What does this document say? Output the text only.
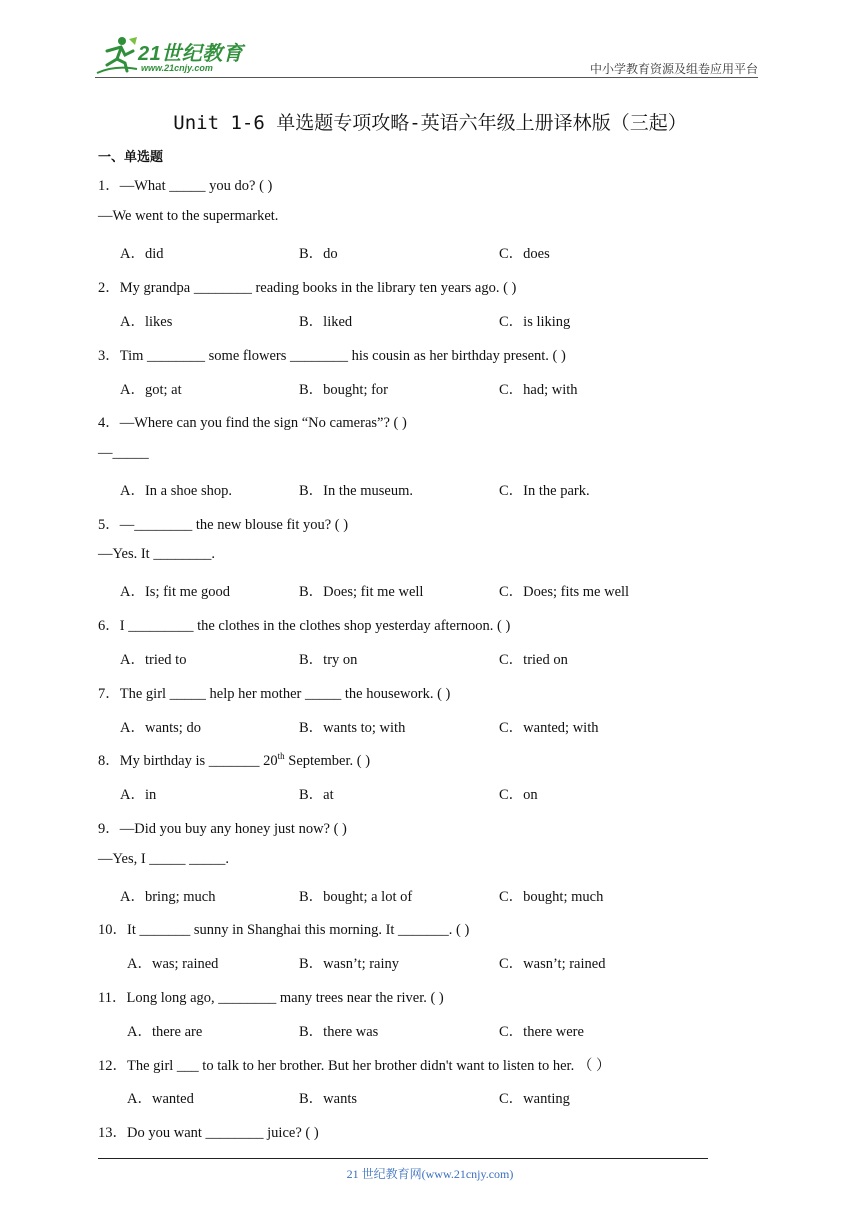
21世纪教育
www.21cnjy.com	中小学教育资源及组卷应用平台
Unit 1-6 单选题专项攻略-英语六年级上册译林版（三起）
一、单选题
1．—What _____ you do? ( )
—We went to the supermarket.
A．did	B．do	C．does
2．My grandpa ________ reading books in the library ten years ago. ( )
A．likes	B．liked	C．is liking
3．Tim ________ some flowers ________ his cousin as her birthday present. ( )
A．got; at	B．bought; for	C．had; with
4．—Where can you find the sign “No cameras”? ( )
—_____
A．In a shoe shop.	B．In the museum.	C．In the park.
5．—________ the new blouse fit you? ( )
—Yes. It ________.
A．Is; fit me good	B．Does; fit me well	C．Does; fits me well
6．I _________ the clothes in the clothes shop yesterday afternoon. ( )
A．tried to	B．try on	C．tried on
7．The girl _____ help her mother _____ the housework. ( )
A．wants; do	B．wants to; with	C．wanted; with
8．My birthday is _______ 20th September. ( )
A．in	B．at	C．on
9．—Did you buy any honey just now? ( )
—Yes, I _____ _____.
A．bring; much	B．bought; a lot of	C．bought; much
10．It _______ sunny in Shanghai this morning. It _______. ( )
A．was; rained	B．wasn’t; rainy	C．wasn’t; rained
11．Long long ago, ________ many trees near the river. ( )
A．there are	B．there was	C．there were
12．The girl ___ to talk to her brother. But her brother didn't want to listen to her. （ ）
A．wanted	B．wants	C．wanting
13．Do you want ________ juice? ( )
21 世纪教育网(www.21cnjy.com)
